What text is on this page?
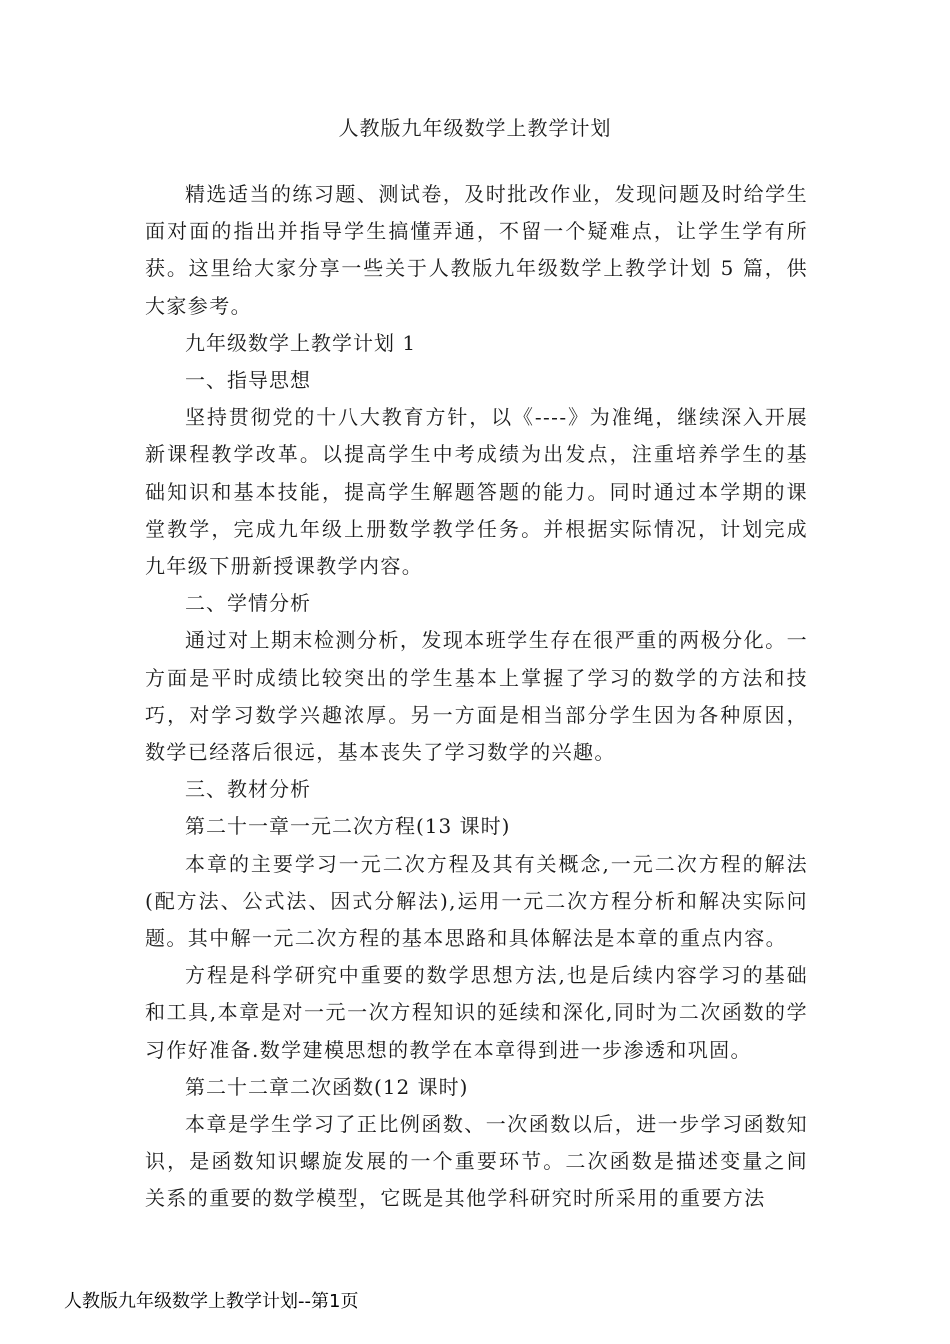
人教版九年级数学上教学计划

精选适当的练习题、测试卷，及时批改作业，发现问题及时给学生面对面的指出并指导学生搞懂弄通，不留一个疑难点，让学生学有所获。这里给大家分享一些关于人教版九年级数学上教学计划 5 篇，供大家参考。

九年级数学上教学计划 1

一、指导思想

坚持贯彻党的十八大教育方针，以《----》为准绳，继续深入开展新课程教学改革。以提高学生中考成绩为出发点，注重培养学生的基础知识和基本技能，提高学生解题答题的能力。同时通过本学期的课堂教学，完成九年级上册数学教学任务。并根据实际情况，计划完成九年级下册新授课教学内容。

二、学情分析

通过对上期末检测分析，发现本班学生存在很严重的两极分化。一方面是平时成绩比较突出的学生基本上掌握了学习的数学的方法和技巧，对学习数学兴趣浓厚。另一方面是相当部分学生因为各种原因，数学已经落后很远，基本丧失了学习数学的兴趣。

三、教材分析

第二十一章一元二次方程(13 课时)

本章的主要学习一元二次方程及其有关概念,一元二次方程的解法(配方法、公式法、因式分解法),运用一元二次方程分析和解决实际问题。其中解一元二次方程的基本思路和具体解法是本章的重点内容。

方程是科学研究中重要的数学思想方法,也是后续内容学习的基础和工具,本章是对一元一次方程知识的延续和深化,同时为二次函数的学习作好准备.数学建模思想的教学在本章得到进一步渗透和巩固。

第二十二章二次函数(12 课时)

本章是学生学习了正比例函数、一次函数以后，进一步学习函数知识，是函数知识螺旋发展的一个重要环节。二次函数是描述变量之间关系的重要的数学模型，它既是其他学科研究时所采用的重要方法

人教版九年级数学上教学计划--第1页
